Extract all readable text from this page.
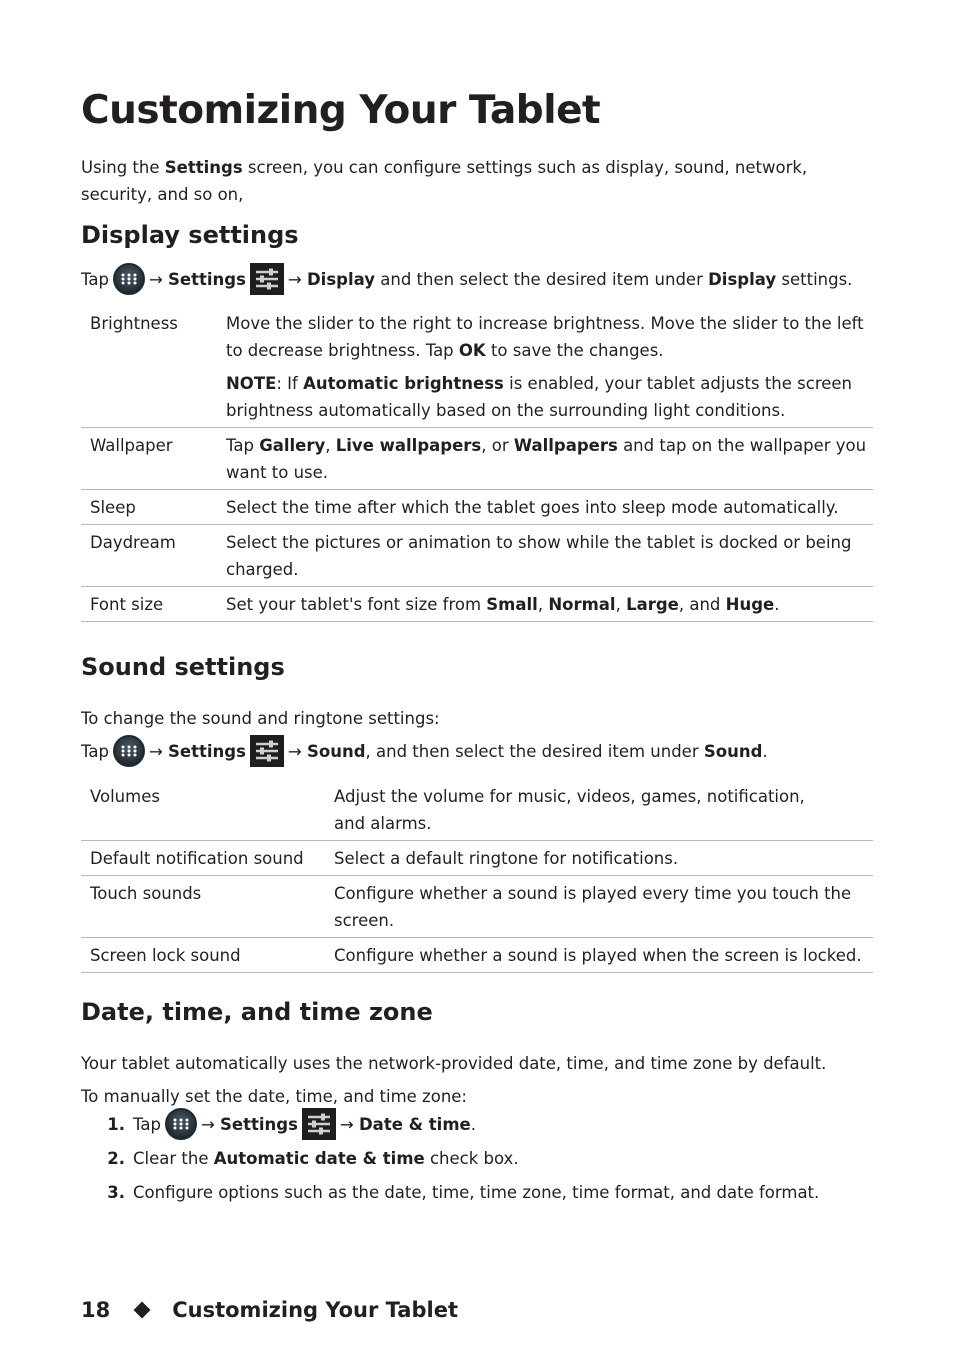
Customizing Your Tablet

Using the Settings screen, you can configure settings such as display, sound, network, security, and so on,

Display settings
Tap →
Settings	→
Display and then select the desired item under Display settings.
Brightness	Move the slider to the right to increase brightness. Move the slider to the left to decrease brightness. Tap OK to save the changes.
NOTE: If Automatic brightness is enabled, your tablet adjusts the screen brightness automatically based on the surrounding light conditions.

Wallpaper	Tap Gallery, Live wallpapers, or Wallpapers and tap on the wallpaper you want to use.

Sleep	Select the time after which the tablet goes into sleep mode automatically.

Daydream	Select the pictures or animation to show while the tablet is docked or being charged.

Font size	Set your tablet's font size from Small, Normal, Large, and Huge.
Sound settings

To change the sound and ringtone settings:

Tap →
Settings	→
Sound , and then select the desired item under Sound .
Volumes	Adjust the volume for music, videos, games, notification, and alarms.

Default notification sound	Select a default ringtone for notifications.

Touch sounds	Configure whether a sound is played every time you touch the screen.

Screen lock sound	Configure whether a sound is played when the screen is locked.
Date, time, and time zone

Your tablet automatically uses the network-provided date, time, and time zone by default.

To manually set the date, time, and time zone:

1. Tap →
Settings	→
Date & time .
2. Clear the Automatic date & time check box.
3. Configure options such as the date, time, time zone, time format, and date format.
18	Customizing Your Tablet
